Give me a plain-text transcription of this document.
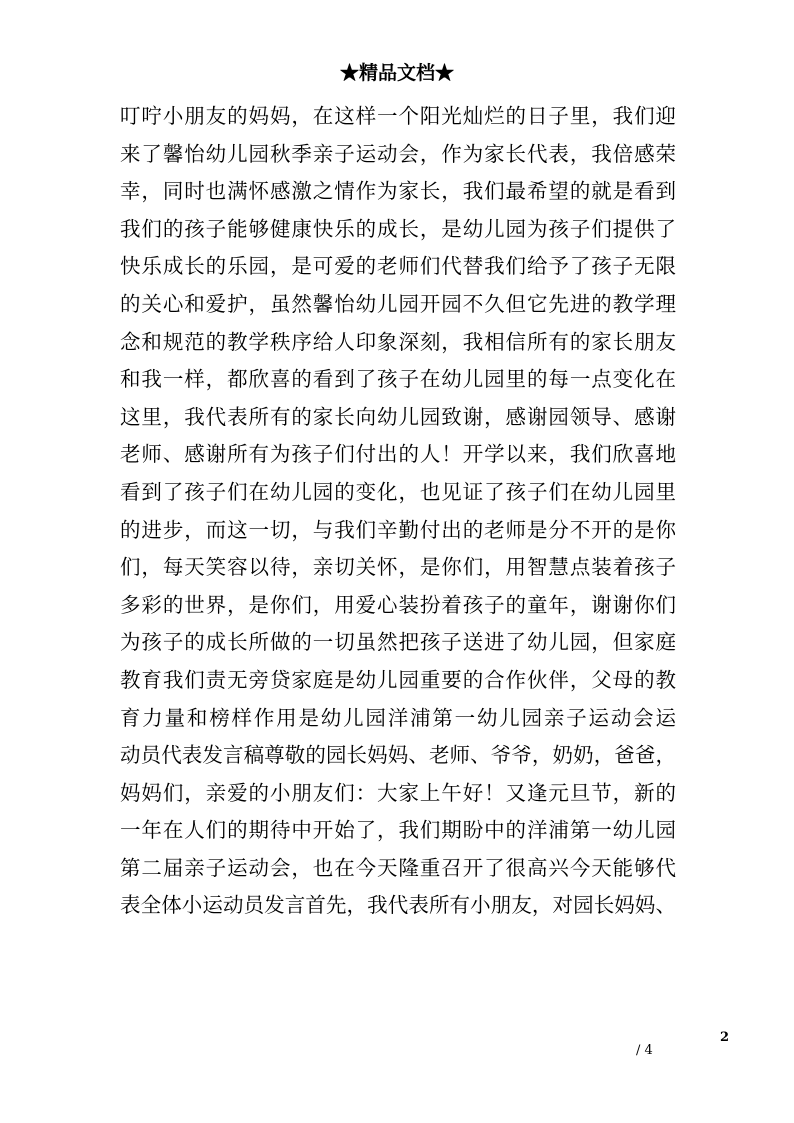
★精品文档★
叮咛小朋友的妈妈，在这样一个阳光灿烂的日子里，我们迎
来了馨怡幼儿园秋季亲子运动会，作为家长代表，我倍感荣
幸，同时也满怀感激之情作为家长，我们最希望的就是看到
我们的孩子能够健康快乐的成长，是幼儿园为孩子们提供了
快乐成长的乐园，是可爱的老师们代替我们给予了孩子无限
的关心和爱护，虽然馨怡幼儿园开园不久但它先进的教学理
念和规范的教学秩序给人印象深刻，我相信所有的家长朋友
和我一样，都欣喜的看到了孩子在幼儿园里的每一点变化在
这里，我代表所有的家长向幼儿园致谢，感谢园领导、感谢
老师、感谢所有为孩子们付出的人！开学以来，我们欣喜地
看到了孩子们在幼儿园的变化，也见证了孩子们在幼儿园里
的进步，而这一切，与我们辛勤付出的老师是分不开的是你
们，每天笑容以待，亲切关怀，是你们，用智慧点装着孩子
多彩的世界，是你们，用爱心装扮着孩子的童年，谢谢你们
为孩子的成长所做的一切虽然把孩子送进了幼儿园，但家庭
教育我们责无旁贷家庭是幼儿园重要的合作伙伴，父母的教
育力量和榜样作用是幼儿园洋浦第一幼儿园亲子运动会运
动员代表发言稿尊敬的园长妈妈、老师、爷爷，奶奶，爸爸，
妈妈们，亲爱的小朋友们：大家上午好！又逢元旦节，新的
一年在人们的期待中开始了，我们期盼中的洋浦第一幼儿园
第二届亲子运动会，也在今天隆重召开了很高兴今天能够代
表全体小运动员发言首先，我代表所有小朋友，对园长妈妈、
2
/ 4
